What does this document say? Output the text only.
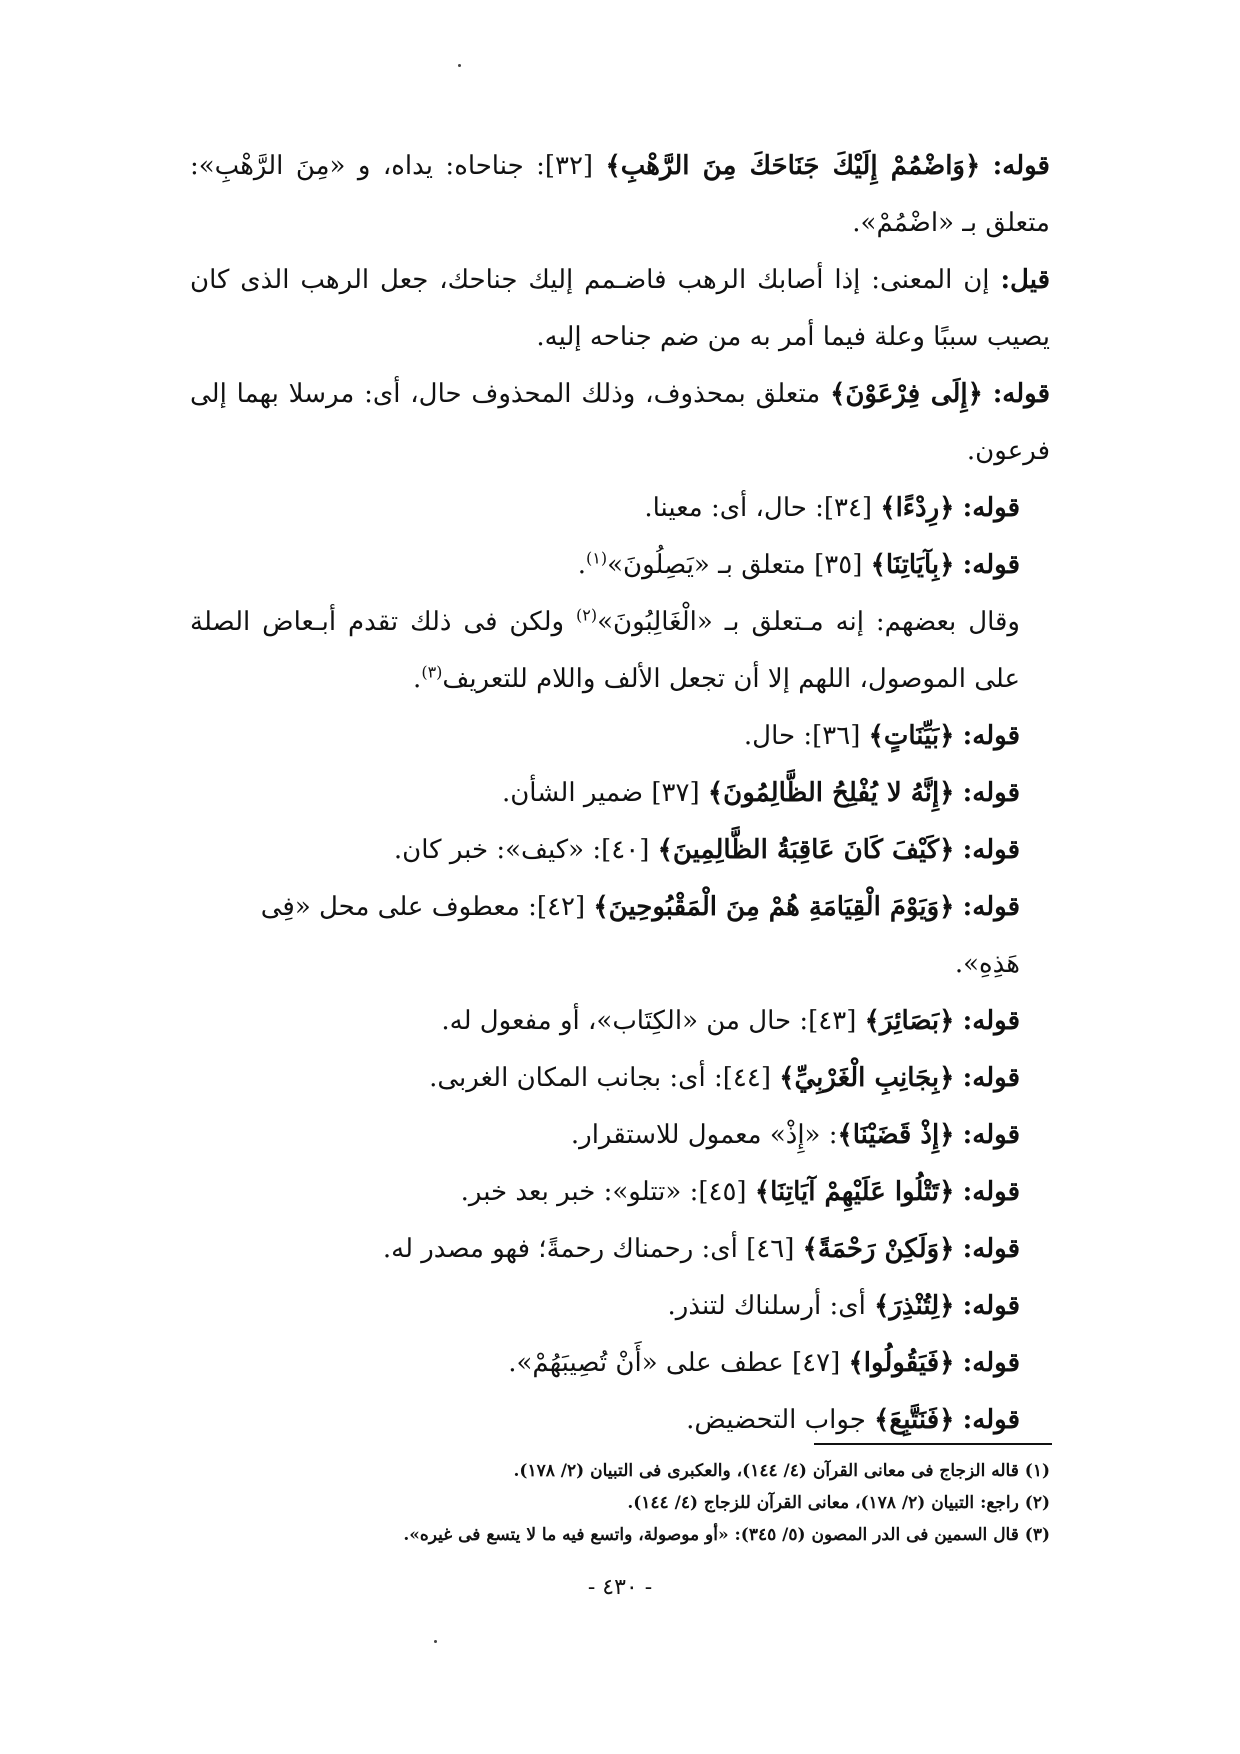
قوله: ﴿وَاضْمُمْ إِلَيْكَ جَنَاحَكَ مِنَ الرَّهْبِ﴾ [٣٢]: جناحاه: يداه، و «مِنَ الرَّهْبِ»: متعلق بـ «اضْمُمْ».

قيل: إن المعنى: إذا أصابك الرهب فاضـمم إليك جناحك، جعل الرهب الذى كان يصيب سببًا وعلة فيما أمر به من ضم جناحه إليه.

قوله: ﴿إِلَى فِرْعَوْنَ﴾ متعلق بمحذوف، وذلك المحذوف حال، أى: مرسلا بهما إلى فرعون.

قوله: ﴿رِدْءًا﴾ [٣٤]: حال، أى: معينا.

قوله: ﴿بِآيَاتِنَا﴾ [٣٥] متعلق بـ «يَصِلُونَ»$^{(١)}$.

وقال بعضهم: إنه مـتعلق بـ «الْغَالِبُونَ»$^{(٢)}$ ولكن فى ذلك تقدم أبـعاض الصلة على الموصول، اللهم إلا أن تجعل الألف واللام للتعريف$^{(٣)}$.

قوله: ﴿بَيِّنَاتٍ﴾ [٣٦]: حال.

قوله: ﴿إِنَّهُ لا يُفْلِحُ الظَّالِمُونَ﴾ [٣٧] ضمير الشأن.

قوله: ﴿كَيْفَ كَانَ عَاقِبَةُ الظَّالِمِينَ﴾ [٤٠]: «كيف»: خبر كان.

قوله: ﴿وَيَوْمَ الْقِيَامَةِ هُمْ مِنَ الْمَقْبُوحِينَ﴾ [٤٢]: معطوف على محل «فِى هَذِهِ».

قوله: ﴿بَصَائِرَ﴾ [٤٣]: حال من «الكِتَاب»، أو مفعول له.

قوله: ﴿بِجَانِبِ الْغَرْبِيِّ﴾ [٤٤]: أى: بجانب المكان الغربى.

قوله: ﴿إِذْ قَضَيْنَا﴾: «إِذْ» معمول للاستقرار.

قوله: ﴿تَتْلُوا عَلَيْهِمْ آيَاتِنَا﴾ [٤٥]: «تتلو»: خبر بعد خبر.

قوله: ﴿وَلَكِنْ رَحْمَةً﴾ [٤٦] أى: رحمناك رحمةً؛ فهو مصدر له.

قوله: ﴿لِتُنْذِرَ﴾ أى: أرسلناك لتنذر.

قوله: ﴿فَيَقُولُوا﴾ [٤٧] عطف على «أَنْ تُصِيبَهُمْ».

قوله: ﴿فَنَتَّبِعَ﴾ جواب التحضيض.

(١) قاله الزجاج فى معانى القرآن (٤/ ١٤٤)، والعكبرى فى التبيان (٢/ ١٧٨).

(٢) راجع: التبيان (٢/ ١٧٨)، معانى القرآن للزجاج (٤/ ١٤٤).

(٣) قال السمين فى الدر المصون (٥/ ٣٤٥): «أو موصولة، واتسع فيه ما لا يتسع فى غيره».

- ٤٣٠ -
